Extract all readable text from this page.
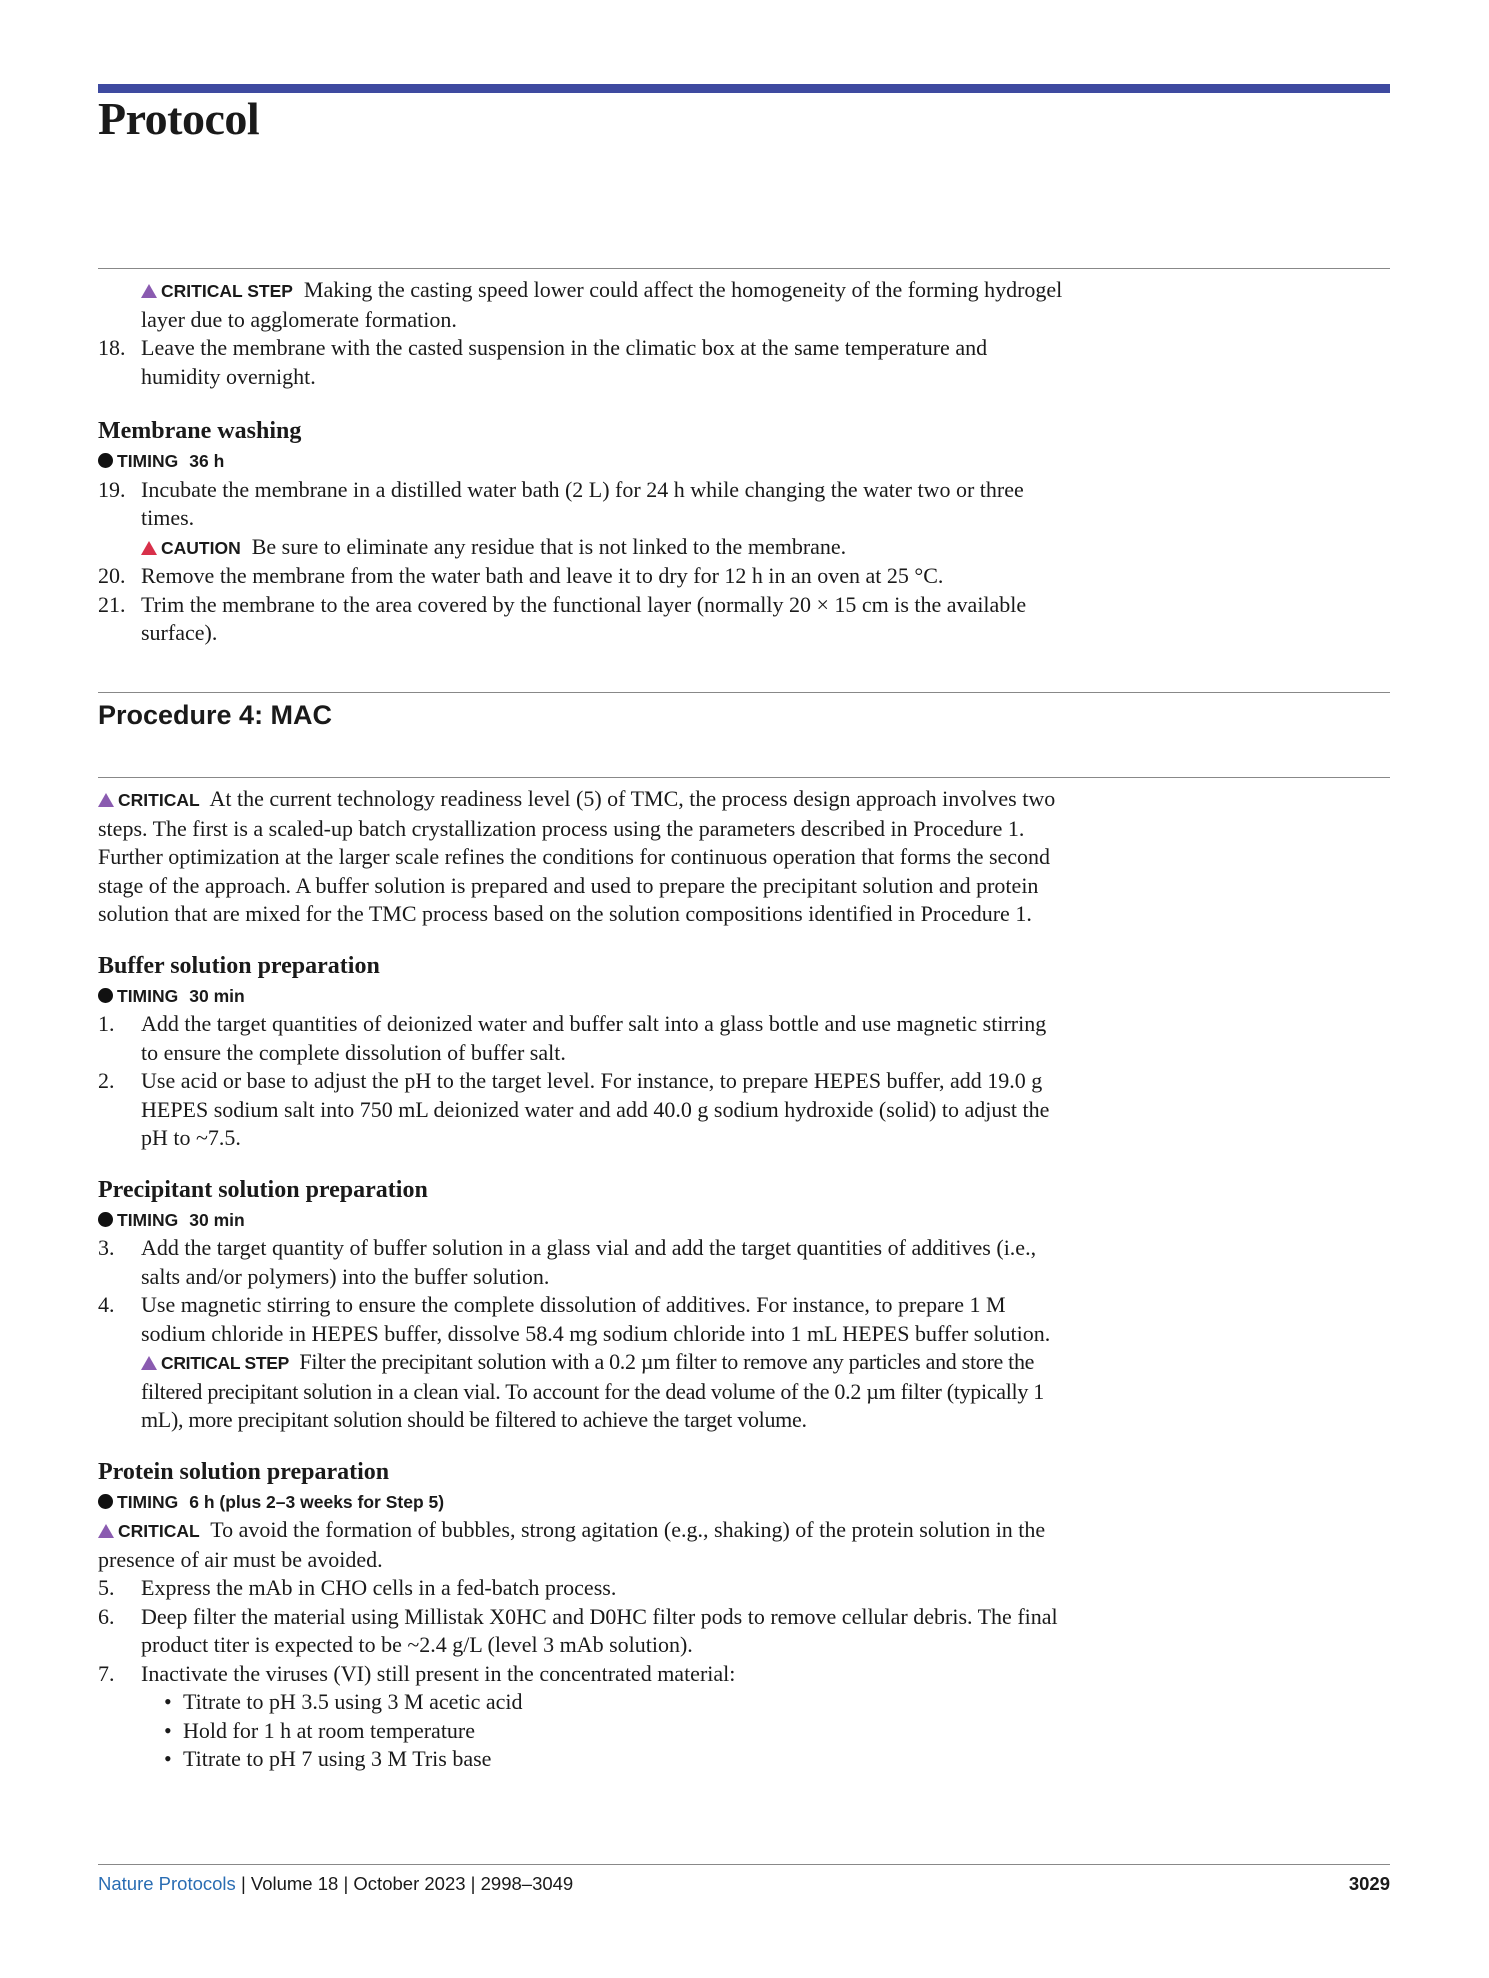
Protocol

CRITICAL STEP Making the casting speed lower could affect the homogeneity of the forming hydrogel layer due to agglomerate formation.

18. Leave the membrane with the casted suspension in the climatic box at the same temperature and humidity overnight.
Membrane washing

TIMING 36 h

19. Incubate the membrane in a distilled water bath (2 L) for 24 h while changing the water two or three times.

CAUTION Be sure to eliminate any residue that is not linked to the membrane.

20. Remove the membrane from the water bath and leave it to dry for 12 h in an oven at 25 °C.
21. Trim the membrane to the area covered by the functional layer (normally 20 × 15 cm is the available surface).
Procedure 4: MAC

CRITICAL At the current technology readiness level (5) of TMC, the process design approach involves two steps. The first is a scaled-up batch crystallization process using the parameters described in Procedure 1. Further optimization at the larger scale refines the conditions for continuous operation that forms the second stage of the approach. A buffer solution is prepared and used to prepare the precipitant solution and protein solution that are mixed for the TMC process based on the solution compositions identified in Procedure 1.

Buffer solution preparation

TIMING 30 min

1. Add the target quantities of deionized water and buffer salt into a glass bottle and use magnetic stirring to ensure the complete dissolution of buffer salt.
2. Use acid or base to adjust the pH to the target level. For instance, to prepare HEPES buffer, add 19.0 g HEPES sodium salt into 750 mL deionized water and add 40.0 g sodium hydroxide (solid) to adjust the pH to ~7.5.
Precipitant solution preparation

TIMING 30 min

3. Add the target quantity of buffer solution in a glass vial and add the target quantities of additives (i.e., salts and/or polymers) into the buffer solution.
4. Use magnetic stirring to ensure the complete dissolution of additives. For instance, to prepare 1 M sodium chloride in HEPES buffer, dissolve 58.4 mg sodium chloride into 1 mL HEPES buffer solution.

CRITICAL STEP Filter the precipitant solution with a 0.2 µm filter to remove any particles and store the filtered precipitant solution in a clean vial. To account for the dead volume of the 0.2 µm filter (typically 1 mL), more precipitant solution should be filtered to achieve the target volume.

Protein solution preparation

TIMING 6 h (plus 2–3 weeks for Step 5)

CRITICAL To avoid the formation of bubbles, strong agitation (e.g., shaking) of the protein solution in the presence of air must be avoided.

5. Express the mAb in CHO cells in a fed-batch process.
6. Deep filter the material using Millistak X0HC and D0HC filter pods to remove cellular debris. The final product titer is expected to be ~2.4 g/L (level 3 mAb solution).
7. Inactivate the viruses (VI) still present in the concentrated material:
• Titrate to pH 3.5 using 3 M acetic acid
• Hold for 1 h at room temperature
• Titrate to pH 7 using 3 M Tris base
Nature Protocols | Volume 18 | October 2023 | 2998–3049	3029
